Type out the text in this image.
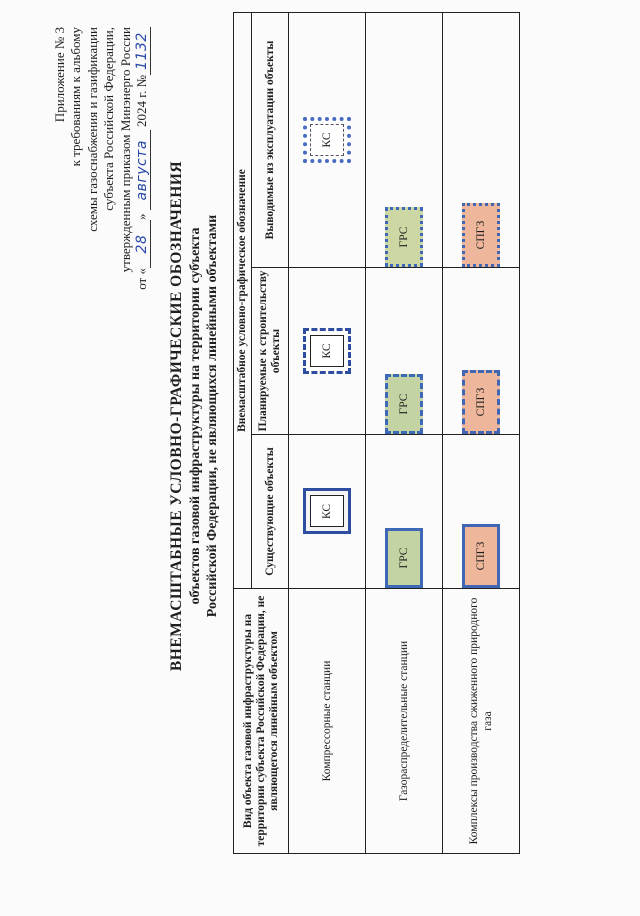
Приложение № 3 к требованиям к альбому схемы газоснабжения и газификации субъекта Российской Федерации, утвержденным приказом Минэнерго России
от «28» августа 2024 г. №1132
ВНЕМАСШТАБНЫЕ УСЛОВНО-ГРАФИЧЕСКИЕ ОБОЗНАЧЕНИЯ объектов газовой инфраструктуры на территории субъекта Российской Федерации, не являющихся линейными объектами
Вид объекта газовой инфраструктуры на территории субъекта Российской Федерации, не являющегося линейным объектом	Внемасштабное условно-графическое обозначение		
	Существующие объекты	Планируемые к строительству объекты	Выводимые из эксплуатации объекты
Компрессорные станции	КС	КС	КС

Газораспределительные станции	ГРС	ГРС	ГРС

Комплексы производства сжиженного природного газа	СПГЗ	СПГЗ	СПГЗ
